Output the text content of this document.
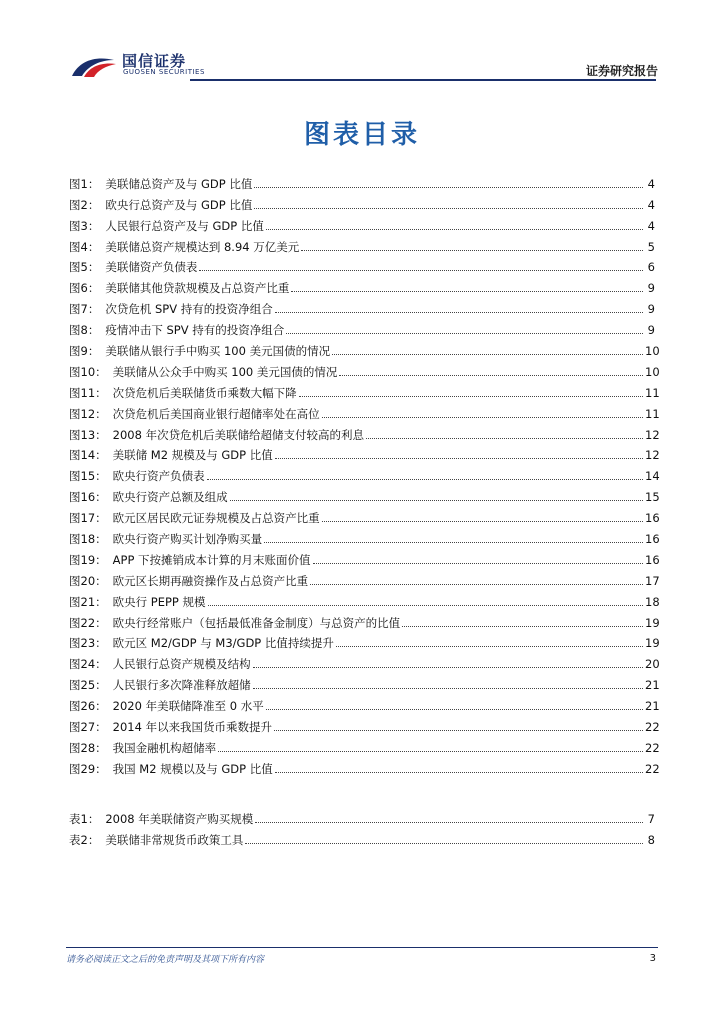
国信证券
GUOSEN SECURITIES	证券研究报告
图表目录
图1： 美联储总资产及与 GDP 比值	4
图2： 欧央行总资产及与 GDP 比值	4
图3： 人民银行总资产及与 GDP 比值	4
图4： 美联储总资产规模达到 8.94 万亿美元	5
图5： 美联储资产负债表	6
图6： 美联储其他贷款规模及占总资产比重	9
图7： 次贷危机 SPV 持有的投资净组合	9
图8： 疫情冲击下 SPV 持有的投资净组合	9
图9： 美联储从银行手中购买 100 美元国债的情况	10
图10： 美联储从公众手中购买 100 美元国债的情况	10
图11： 次贷危机后美联储货币乘数大幅下降	11
图12： 次贷危机后美国商业银行超储率处在高位	11
图13： 2008 年次贷危机后美联储给超储支付较高的利息	12
图14： 美联储 M2 规模及与 GDP 比值	12
图15： 欧央行资产负债表	14
图16： 欧央行资产总额及组成	15
图17： 欧元区居民欧元证券规模及占总资产比重	16
图18： 欧央行资产购买计划净购买量	16
图19： APP 下按摊销成本计算的月末账面价值	16
图20： 欧元区长期再融资操作及占总资产比重	17
图21： 欧央行 PEPP 规模	18
图22： 欧央行经常账户（包括最低准备金制度）与总资产的比值	19
图23： 欧元区 M2/GDP 与 M3/GDP 比值持续提升	19
图24： 人民银行总资产规模及结构	20
图25： 人民银行多次降准释放超储	21
图26： 2020 年美联储降准至 0 水平	21
图27： 2014 年以来我国货币乘数提升	22
图28： 我国金融机构超储率	22
图29： 我国 M2 规模以及与 GDP 比值	22
表1： 2008 年美联储资产购买规模	7
表2： 美联储非常规货币政策工具	8
请务必阅读正文之后的免责声明及其项下所有内容	3
